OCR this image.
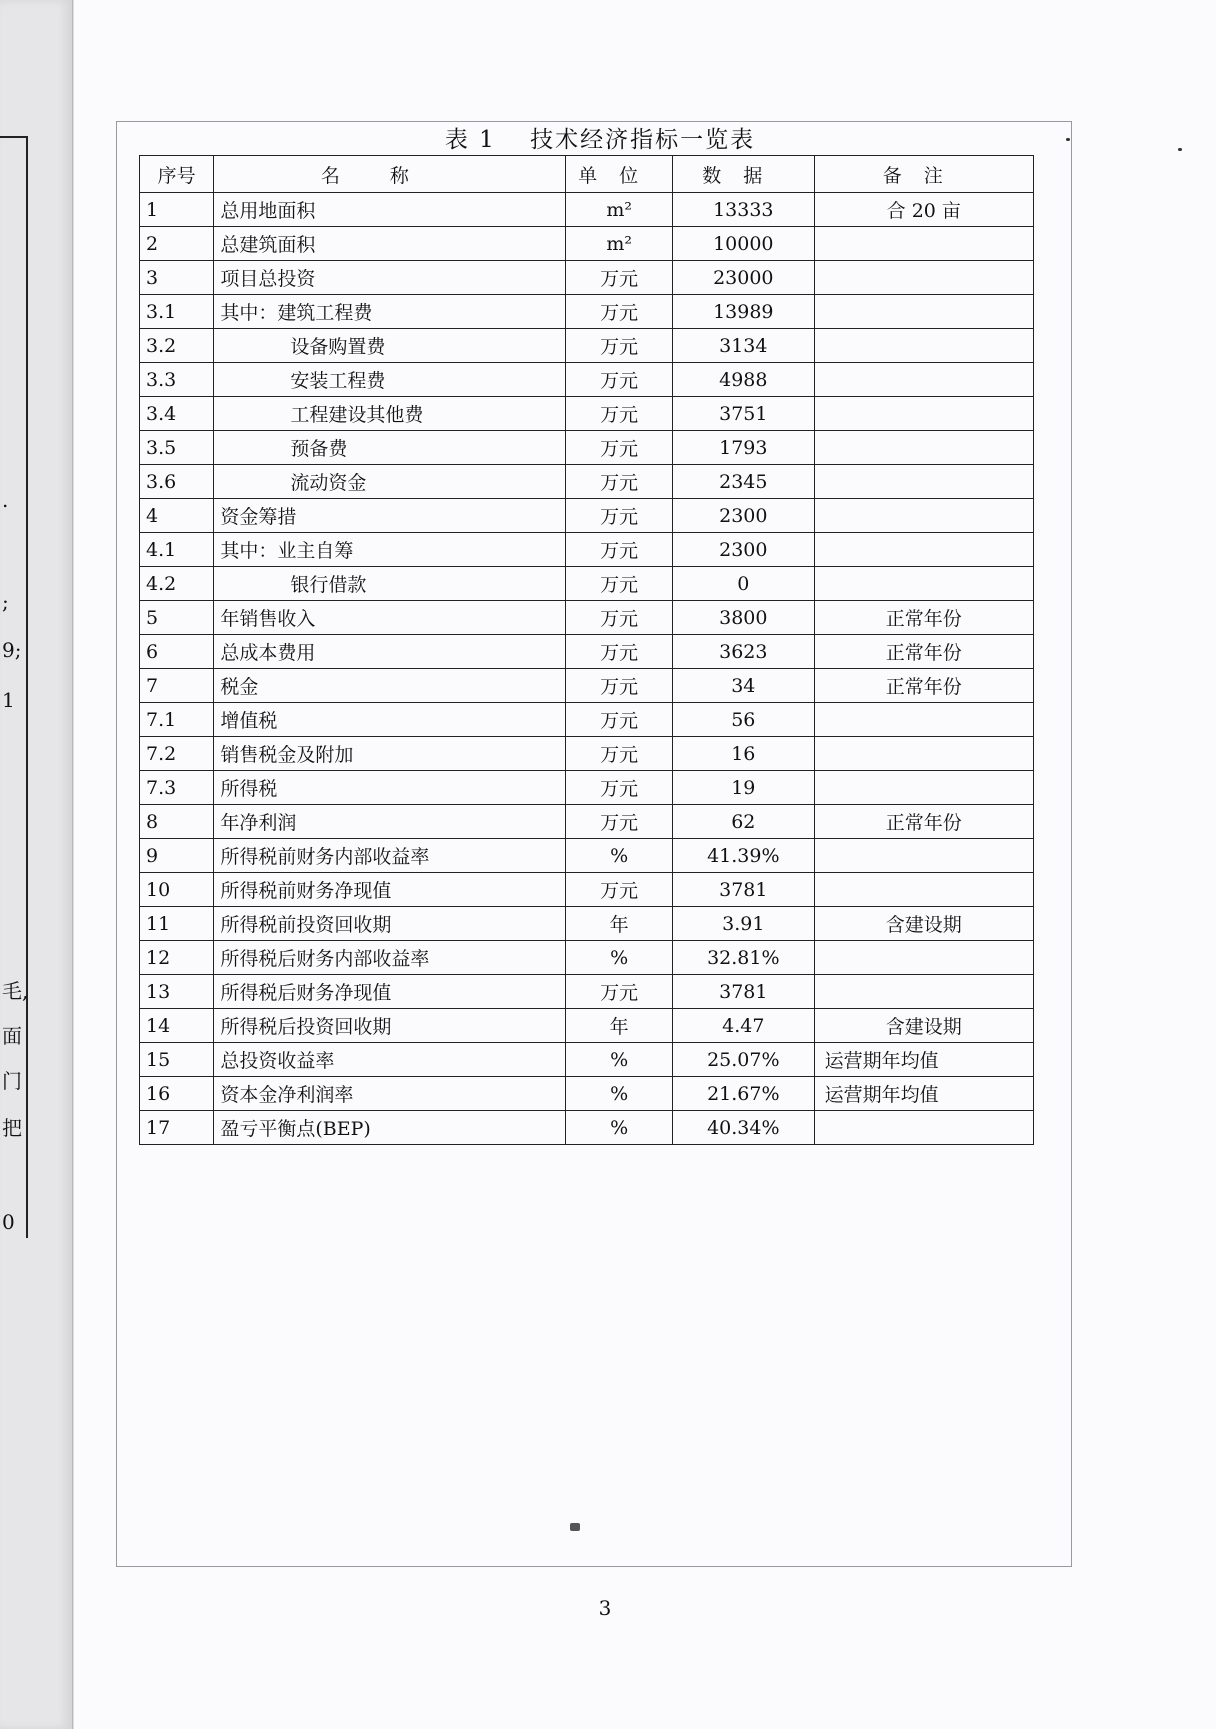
.
;
9;
1
毛,
面
门
把
0
表 1　 技术经济指标一览表
序号	名称	单位	数据	备注
1	总用地面积	m²	13333	合 20 亩
2	总建筑面积	m²	10000	
3	项目总投资	万元	23000	
3.1	其中：建筑工程费	万元	13989	
3.2	设备购置费	万元	3134	
3.3	安装工程费	万元	4988	
3.4	工程建设其他费	万元	3751	
3.5	预备费	万元	1793	
3.6	流动资金	万元	2345	
4	资金筹措	万元	2300	
4.1	其中：业主自筹	万元	2300	
4.2	银行借款	万元	0	
5	年销售收入	万元	3800	正常年份
6	总成本费用	万元	3623	正常年份
7	税金	万元	34	正常年份
7.1	增值税	万元	56	
7.2	销售税金及附加	万元	16	
7.3	所得税	万元	19	
8	年净利润	万元	62	正常年份
9	所得税前财务内部收益率	%	41.39%	
10	所得税前财务净现值	万元	3781	
11	所得税前投资回收期	年	3.91	含建设期
12	所得税后财务内部收益率	%	32.81%	
13	所得税后财务净现值	万元	3781	
14	所得税后投资回收期	年	4.47	含建设期
15	总投资收益率	%	25.07%	运营期年均值
16	资本金净利润率	%	21.67%	运营期年均值
17	盈亏平衡点(BEP)	%	40.34%	
3
